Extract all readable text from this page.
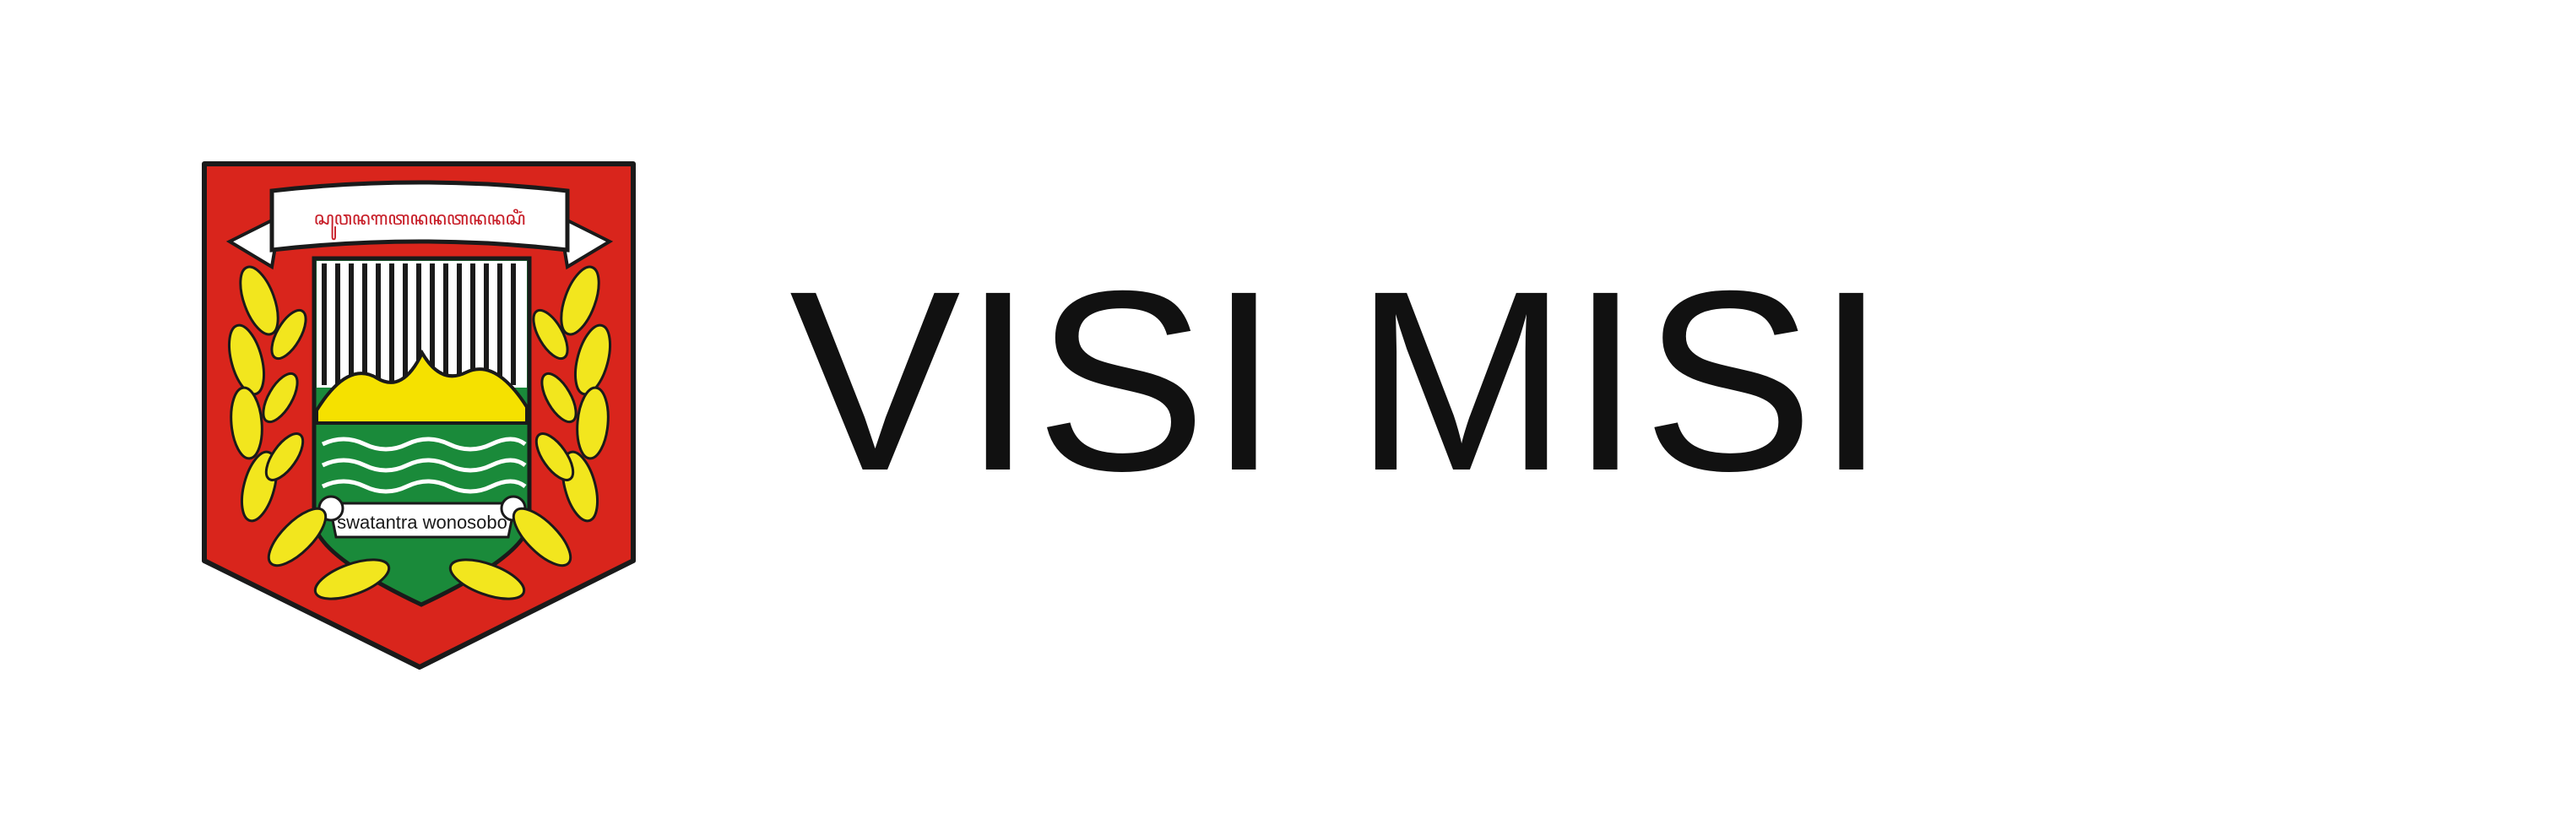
swatantra wonosobo
ꦱꦸꦮꦤꦒꦠꦤꦤꦠꦤꦤꦱꦶꦁ
VISI MISI
